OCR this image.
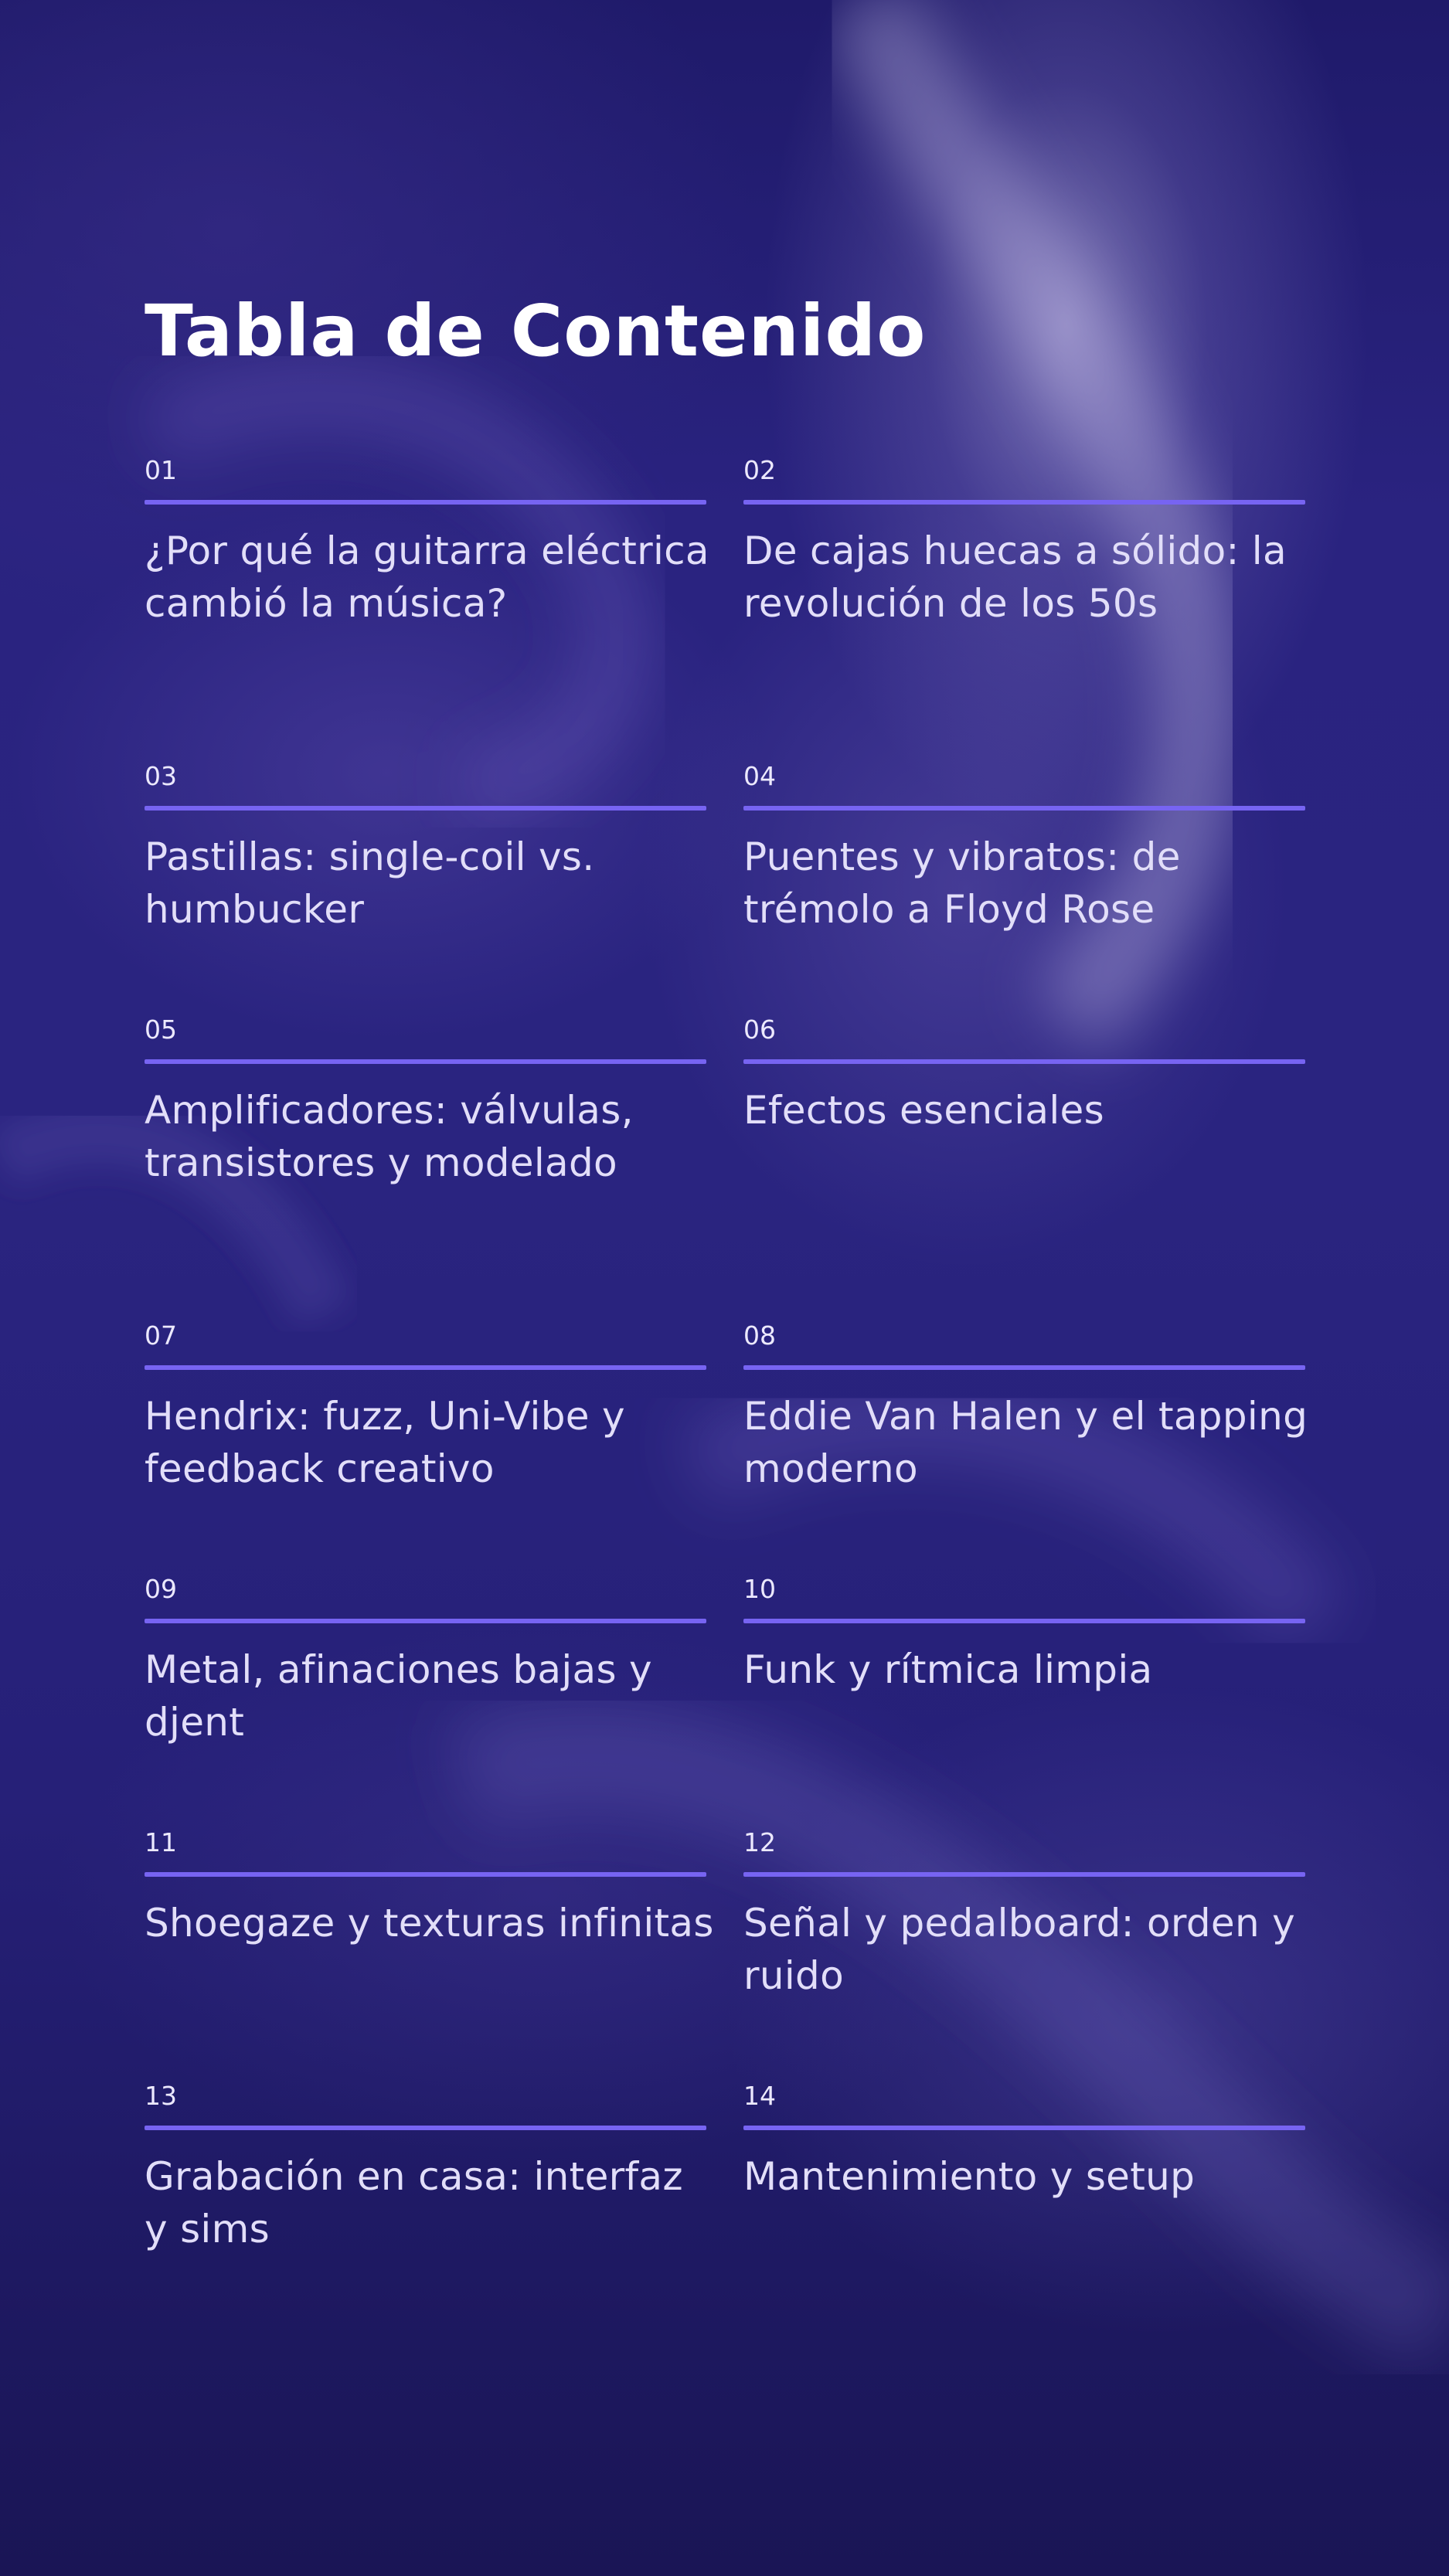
Tabla de Contenido
01
¿Por qué la guitarra eléctrica cambió la música?
02
De cajas huecas a sólido: la revolución de los 50s
03
Pastillas: single-coil vs. humbucker
04
Puentes y vibratos: de trémolo a Floyd Rose
05
Amplificadores: válvulas, transistores y modelado
06
Efectos esenciales
07
Hendrix: fuzz, Uni-Vibe y feedback creativo
08
Eddie Van Halen y el tapping moderno
09
Metal, afinaciones bajas y djent
10
Funk y rítmica limpia
11
Shoegaze y texturas infinitas
12
Señal y pedalboard: orden y ruido
13
Grabación en casa: interfaz y sims
14
Mantenimiento y setup
